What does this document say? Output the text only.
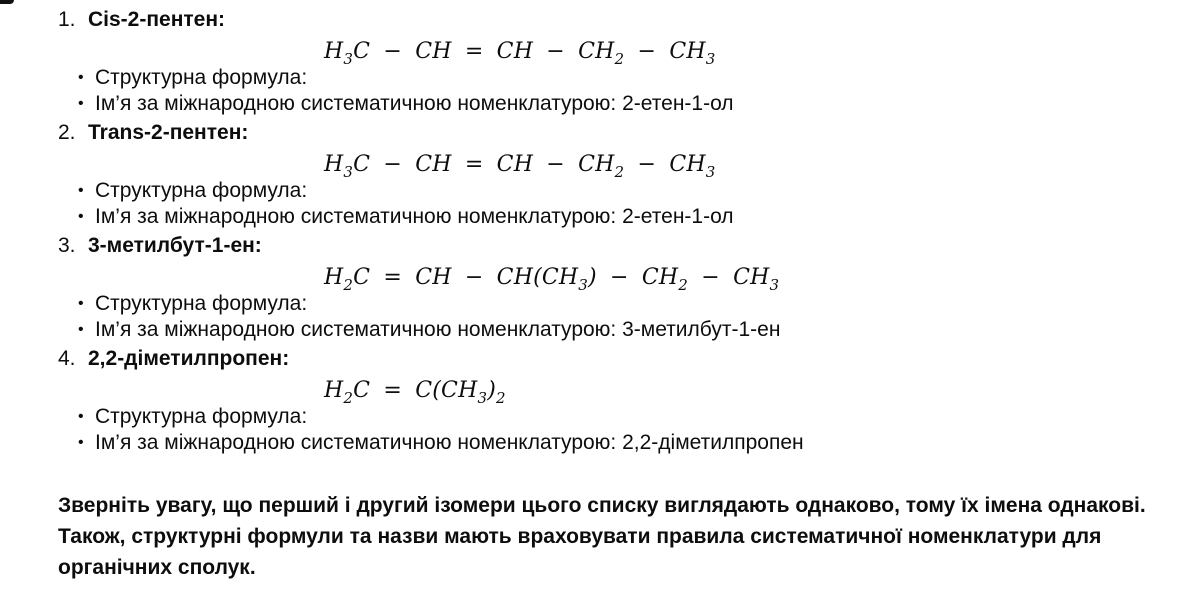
1. Cis-2-пентен:
$H_3C$ − CH = CH − $CH_2 - CH_3$
• Структурна формула:
• Ім’я за міжнародною систематичною номенклатурою: 2-етен-1-ол
2. Trans-2-пентен:
$H_3C$ − CH = CH − $CH_2 - CH_3$
• Структурна формула:
• Ім’я за міжнародною систематичною номенклатурою: 2-етен-1-ол
3. 3-метилбут-1-ен:
$H_2C$ = CH − $CH(CH_3) - CH_2 - CH_3$
• Структурна формула:
• Ім’я за міжнародною систематичною номенклатурою: 3-метилбут-1-ен
4. 2,2-діметилпропен:
$H_2C = C(CH_3)_2$
• Структурна формула:
• Ім’я за міжнародною систематичною номенклатурою: 2,2-діметилпропен
Зверніть увагу, що перший і другий ізомери цього списку виглядають однаково, тому їх імена однакові. Також, структурні формули та назви мають враховувати правила систематичної номенклатури для органічних сполук.
